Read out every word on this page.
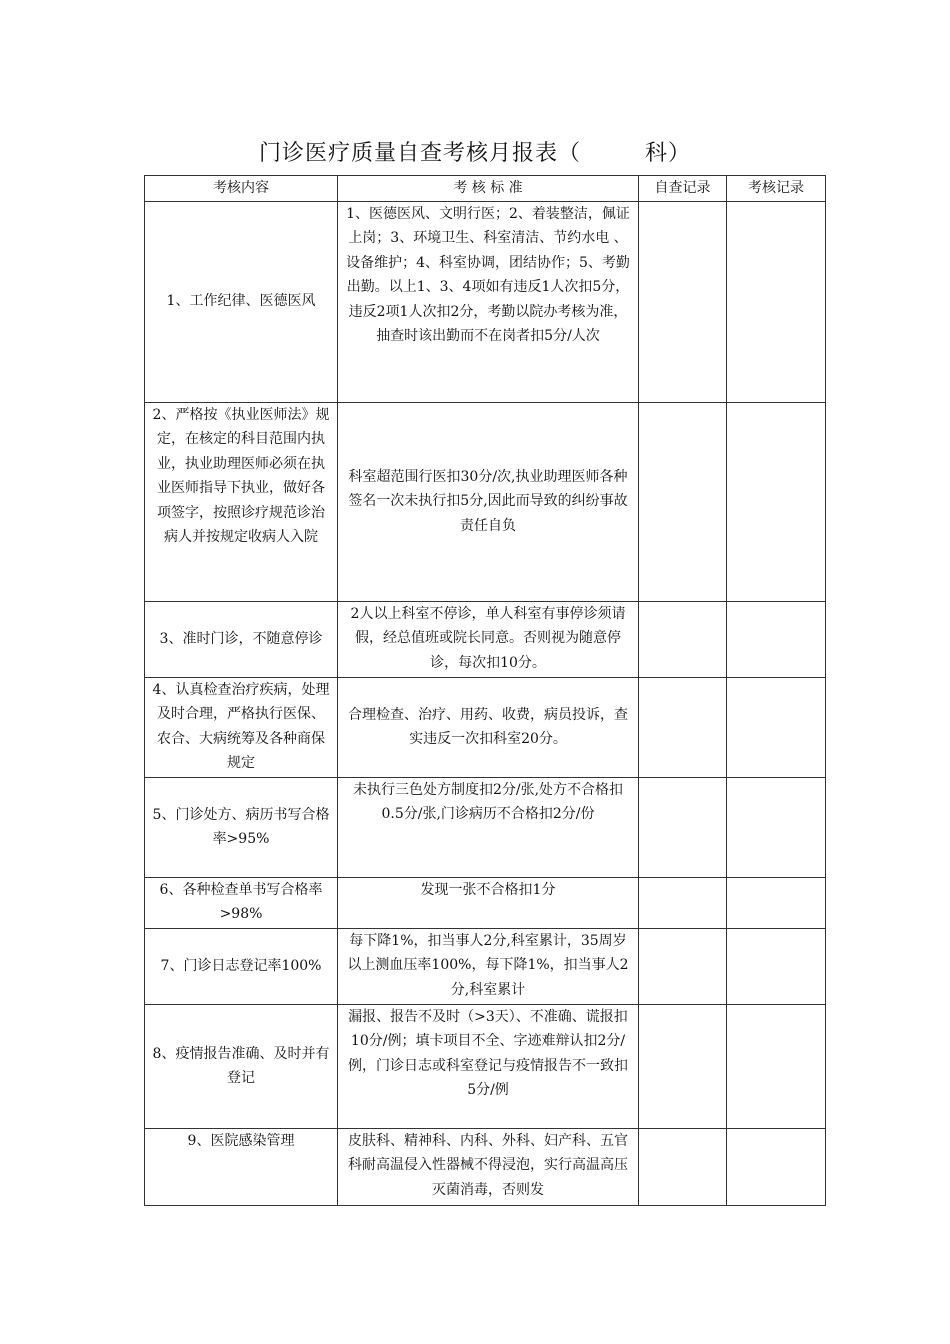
门诊医疗质量自查考核月报表（	科）
考核内容	考 核 标 准	自查记录	考核记录
1、工作纪律、医德医风	1、医德医风、文明行医；2、着装整洁，佩证上岗；3、环境卫生、科室清洁、节约水电 、设备维护；4、科室协调，团结协作；5、考勤出勤。以上1、3、4项如有违反1人次扣5分，违反2项1人次扣2分，考勤以院办考核为准，抽查时该出勤而不在岗者扣5分/人次		
2、严格按《执业医师法》规定，在核定的科目范围内执业，执业助理医师必须在执业医师指导下执业，做好各项签字，按照诊疗规范诊治病人并按规定收病人入院	科室超范围行医扣30分/次,执业助理医师各种签名一次未执行扣5分,因此而导致的纠纷事故责任自负		
3、准时门诊，不随意停诊	2人以上科室不停诊，单人科室有事停诊须请假，经总值班或院长同意。否则视为随意停诊，每次扣10分。		
4、认真检查治疗疾病，处理及时合理，严格执行医保、农合、大病统筹及各种商保规定	合理检查、治疗、用药、收费，病员投诉，查实违反一次扣科室20分。		
5、门诊处方、病历书写合格率>95%	未执行三色处方制度扣2分/张,处方不合格扣0.5分/张,门诊病历不合格扣2分/份		
6、各种检查单书写合格率 >98%	发现一张不合格扣1分		
7、门诊日志登记率100%	每下降1%，扣当事人2分,科室累计，35周岁以上测血压率100%，每下降1%，扣当事人2分,科室累计		
8、疫情报告准确、及时并有登记	漏报、报告不及时（>3天）、不准确、谎报扣10分/例；填卡项目不全、字迹难辩认扣2分/例，门诊日志或科室登记与疫情报告不一致扣5分/例		
9、医院感染管理	皮肤科、精神科、内科、外科、妇产科、五官科耐高温侵入性器械不得浸泡，实行高温高压灭菌消毒，否则发		
